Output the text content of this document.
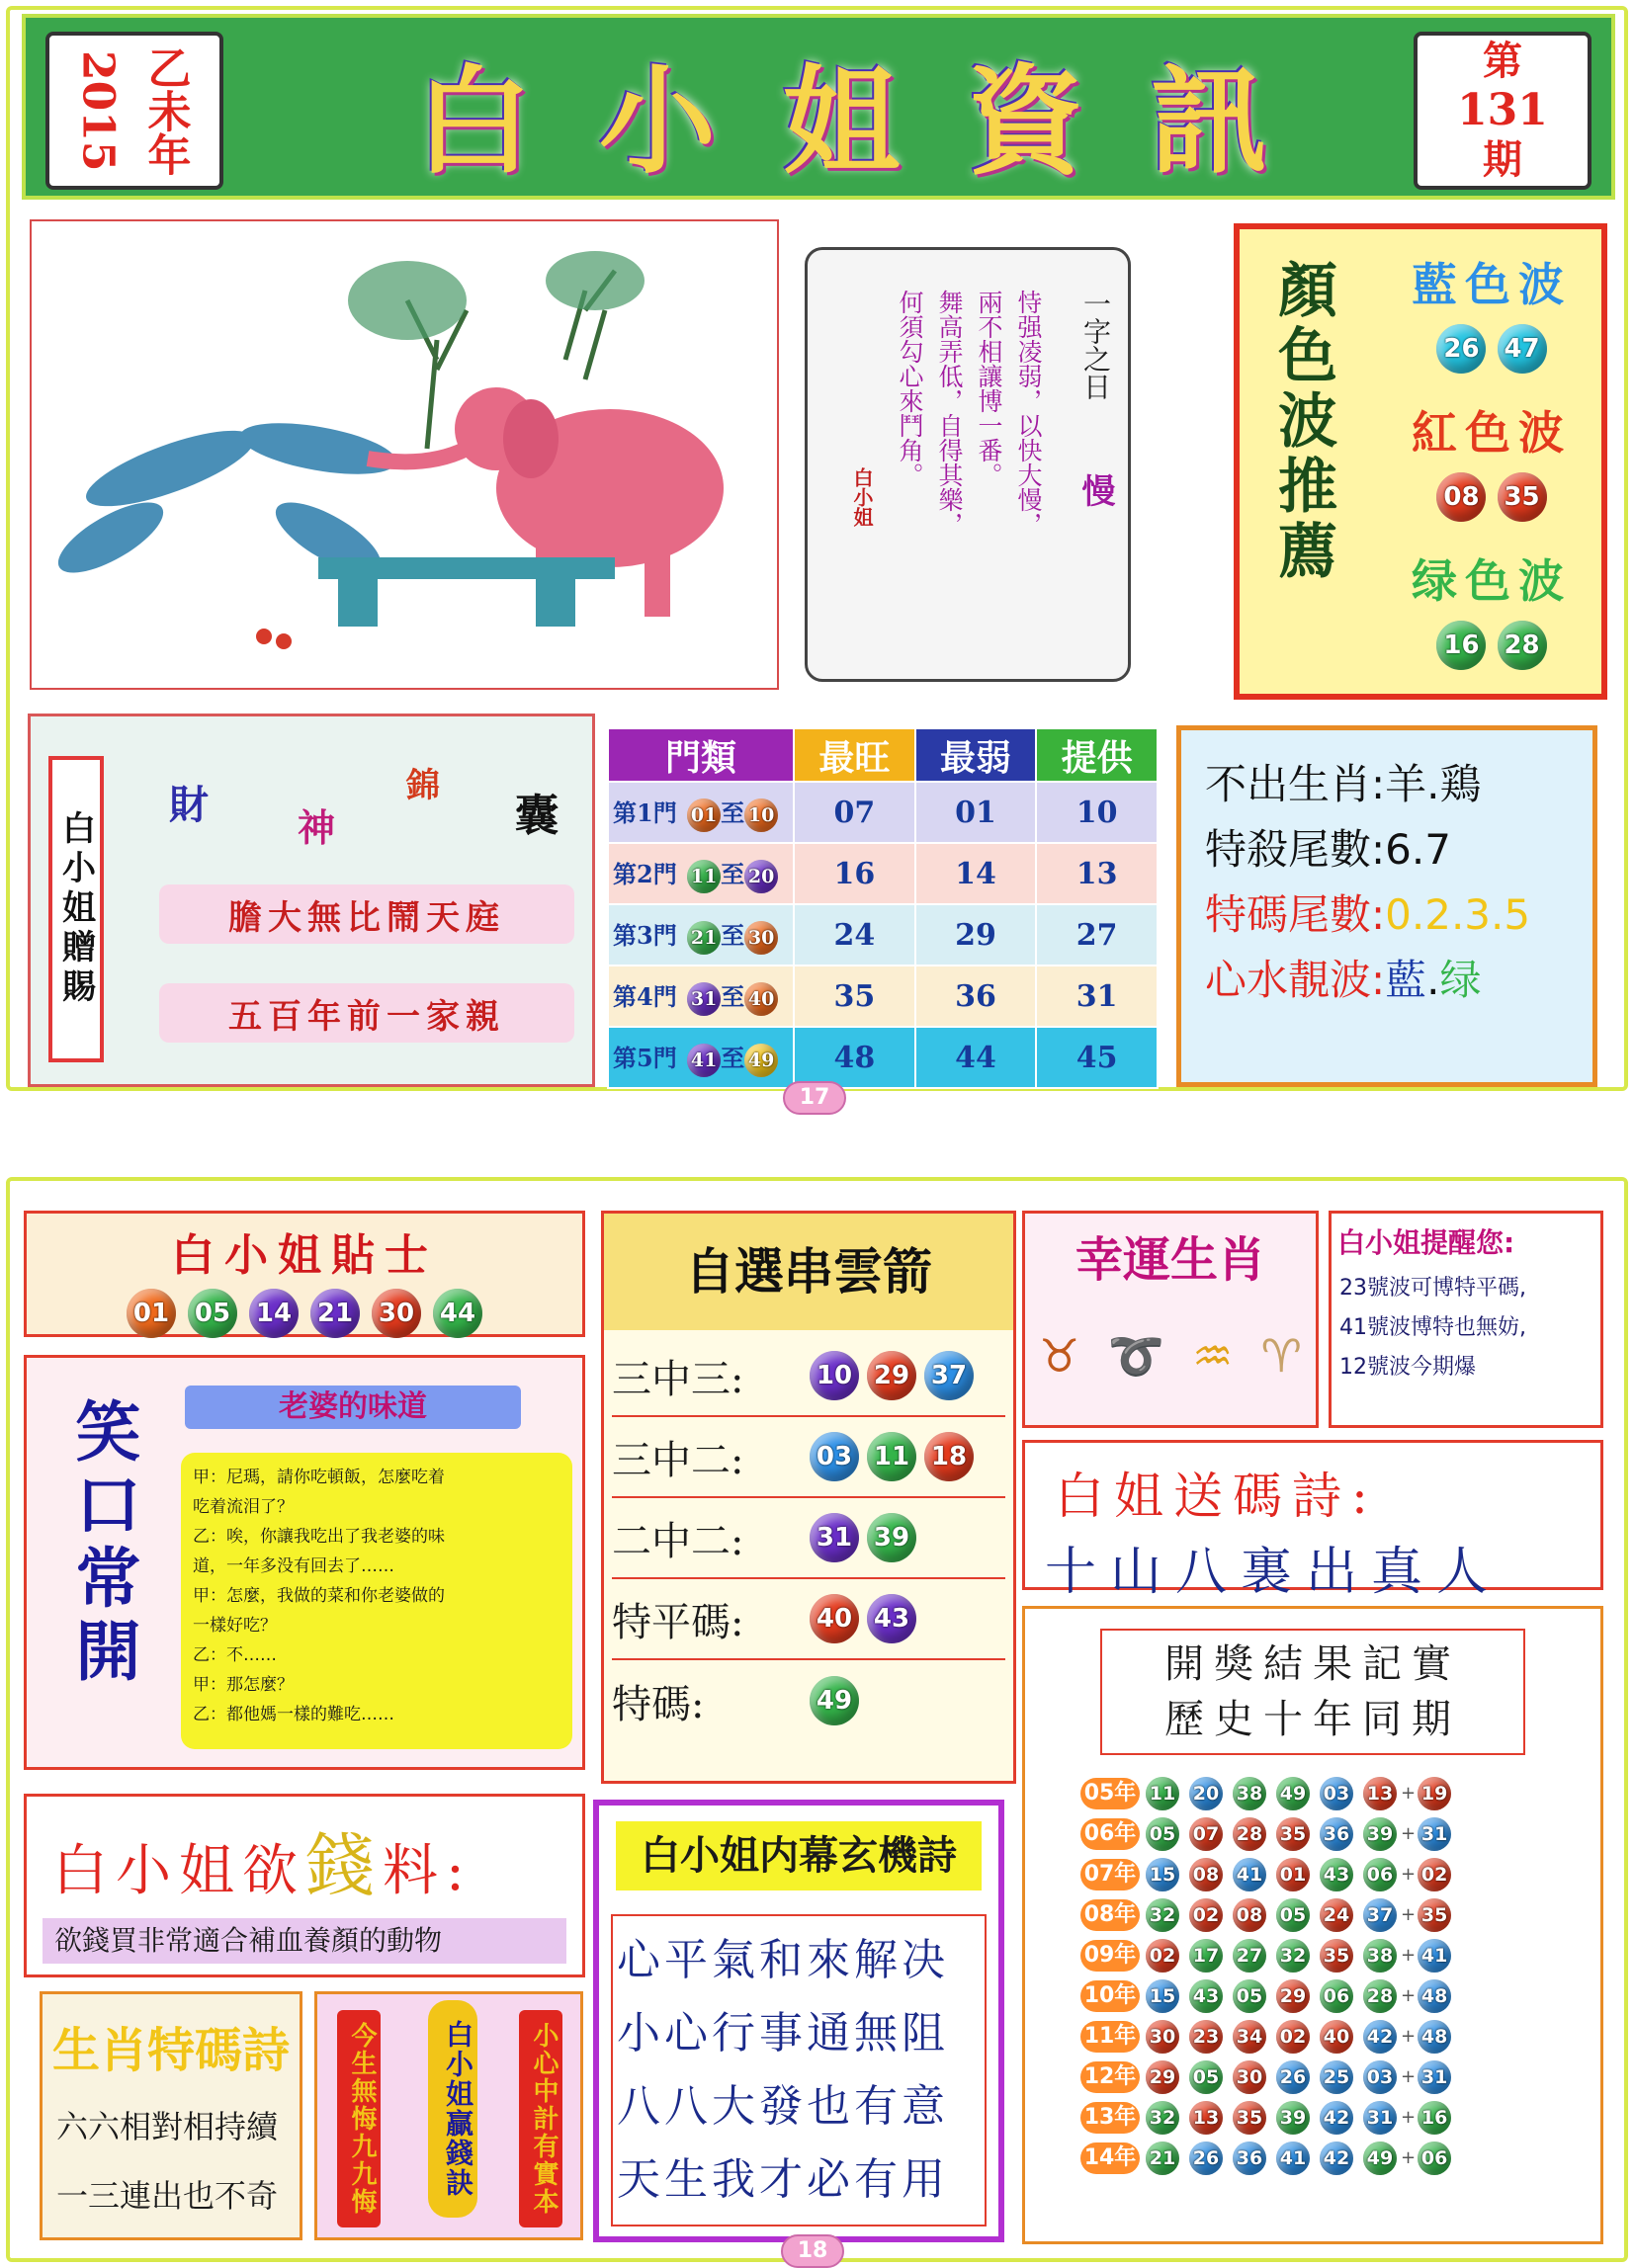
2015 乙未年 白 小 姐 資 訊	第
131
期
一字之日
慢
恃强凌弱，以快大慢，
兩不相讓博一番。
舞高弄低，自得其樂，
何須勾心來鬥角。
白小姐	顏色波推薦	藍色波
26 47
紅色波
08 35
绿色波
16 28
白小姐贈賜
財 神
錦
囊
膽大無比鬧天庭
五百年前一家親
門類	最旺	最弱	提供
第1門 01 至 10	07	01	10
第2門 11 至 20	16	14	13
第3門 21 至 30	24	29	27
第4門 31 至 40	35	36	31
第5門 41 至 49	48	44	45
不出生肖:羊.鶏
特殺尾數:6.7
特碼尾數:0.2.3.5
心水靚波:藍.绿
17
白小姐貼士
01 05 14 21 30 44
笑口常開	老婆的味道
甲：尼瑪，請你吃頓飯，怎麼吃着
吃着流泪了？
乙：唉，你讓我吃出了我老婆的味
道，一年多没有回去了……
甲：怎麼，我做的菜和你老婆做的
一樣好吃？
乙：不……
甲：那怎麼？
乙：都他媽一樣的難吃……
自選串雲箭
三中三:	10 29 37
三中二:	03 11 18
二中二:	31 39
特平碼:	40 43
特碼:	49
幸運生肖
♉ ➰ ♒ ♈
白小姐提醒您:
23號波可博特平碼,
41號波博特也無妨,
12號波今期爆
白姐送碼詩:
十山八裏出真人
開獎結果記實
歷史十年同期
05年 11 20 38 49 03 13 + 19
06年 05 07 28 35 36 39 + 31
07年 15 08 41 01 43 06 + 02
08年 32 02 08 05 24 37 + 35
09年 02 17 27 32 35 38 + 41
10年 15 43 05 29 06 28 + 48
11年 30 23 34 02 40 42 + 48
12年 29 05 30 26 25 03 + 31
13年 32 13 35 39 42 31 + 16
14年 21 26 36 41 42 49 + 06
白小姐欲錢料:
欲錢買非常適合補血養顏的動物
生肖特碼詩
六六相對相持續
一三連出也不奇	今生無悔九九悔	白小姐贏錢訣	小心中計有實本
白小姐内幕玄機詩
心平氣和來解决
小心行事通無阻
八八大發也有意
天生我才必有用
18
